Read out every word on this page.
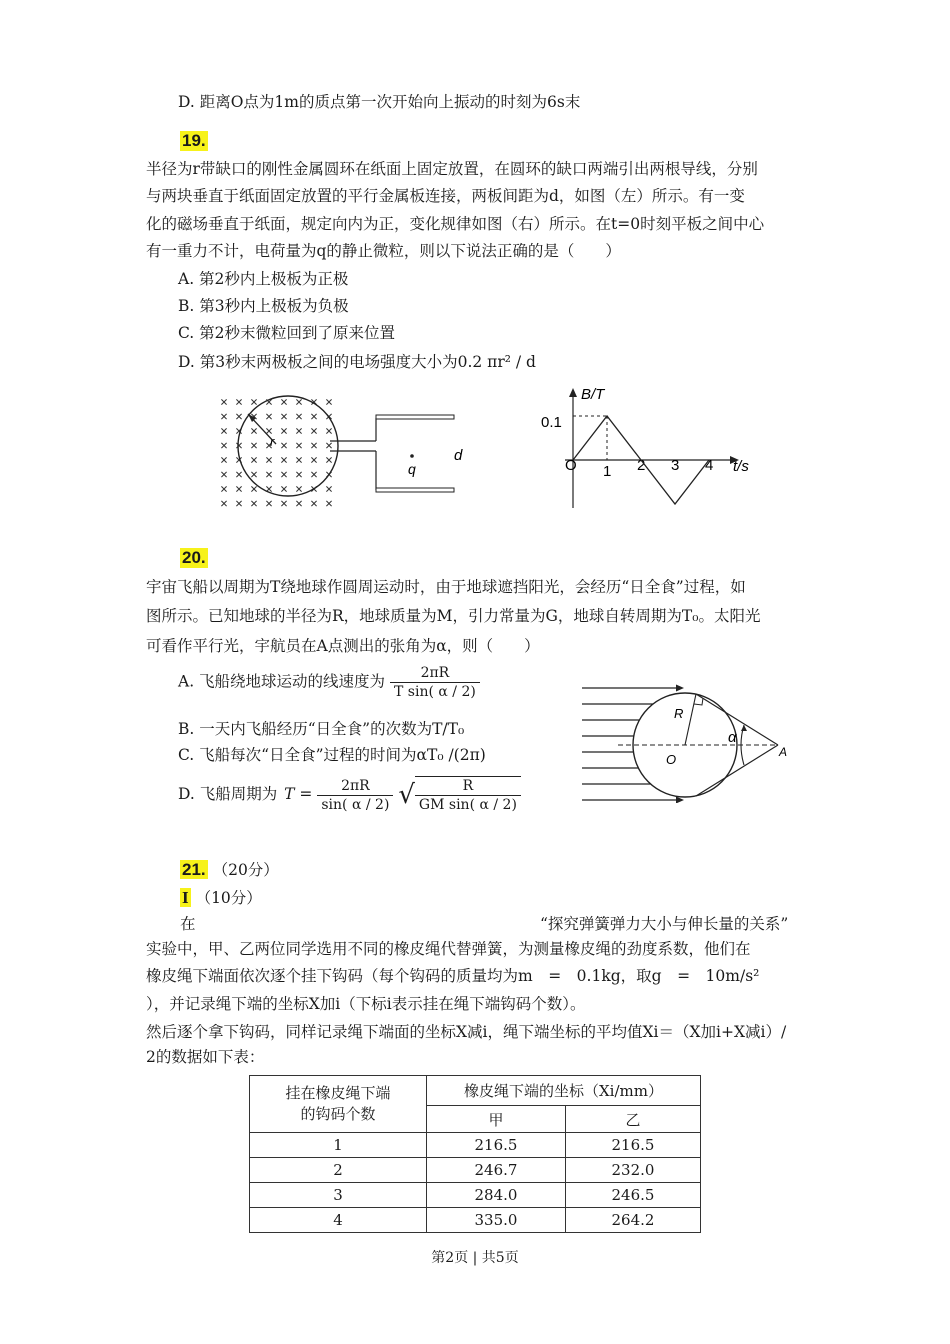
D. 距离O点为1m的质点第一次开始向上振动的时刻为6s末
19.
半径为r带缺口的刚性金属圆环在纸面上固定放置，在圆环的缺口两端引出两根导线，分别
与两块垂直于纸面固定放置的平行金属板连接，两板间距为d，如图（左）所示。有一变
化的磁场垂直于纸面，规定向内为正，变化规律如图（右）所示。在t=0时刻平板之间中心
有一重力不计，电荷量为q的静止微粒，则以下说法正确的是（　　）
A. 第2秒内上极板为正极
B. 第3秒内上极板为负极
C. 第2秒末微粒回到了原来位置
D. 第3秒末两极板之间的电场强度大小为0.2 πr² / d
r
q
d
B/T
t/s
0.1
O 1 2 3 4
20.
宇宙飞船以周期为T绕地球作圆周运动时，由于地球遮挡阳光，会经历“日全食”过程，如
图所示。已知地球的半径为R，地球质量为M，引力常量为G，地球自转周期为T₀。太阳光
可看作平行光，宇航员在A点测出的张角为α，则（　　）
A. 飞船绕地球运动的线速度为 $\frac{2\pi R}{\text{T sin( α / 2)}}$
B. 一天内飞船经历“日全食”的次数为T/T₀
C. 飞船每次“日全食”过程的时间为αT₀ /(2π)
D. 飞船周期为 $T = \frac{2\pi R}{\sin( \alpha / 2)}$ √ $\frac{R}{\text{GM sin( α / 2)}}$
R
O	A
α
21. （20分）
I （10分）
在	“探究弹簧弹力大小与伸长量的关系”
实验中，甲、乙两位同学选用不同的橡皮绳代替弹簧，为测量橡皮绳的劲度系数，他们在
橡皮绳下端面依次逐个挂下钩码（每个钩码的质量均为m　=　0.1kg，取g　=　10m/s²
），并记录绳下端的坐标X加i（下标i表示挂在绳下端钩码个数）。
然后逐个拿下钩码，同样记录绳下端面的坐标X减i，绳下端坐标的平均值Xi＝（X加i+X减i）/
2的数据如下表：
挂在橡皮绳下端
的钩码个数	橡皮绳下端的坐标（Xi/mm）	
	甲	乙
1	216.5	216.5
2	246.7	232.0
3	284.0	246.5
4	335.0	264.2
第2页 | 共5页
